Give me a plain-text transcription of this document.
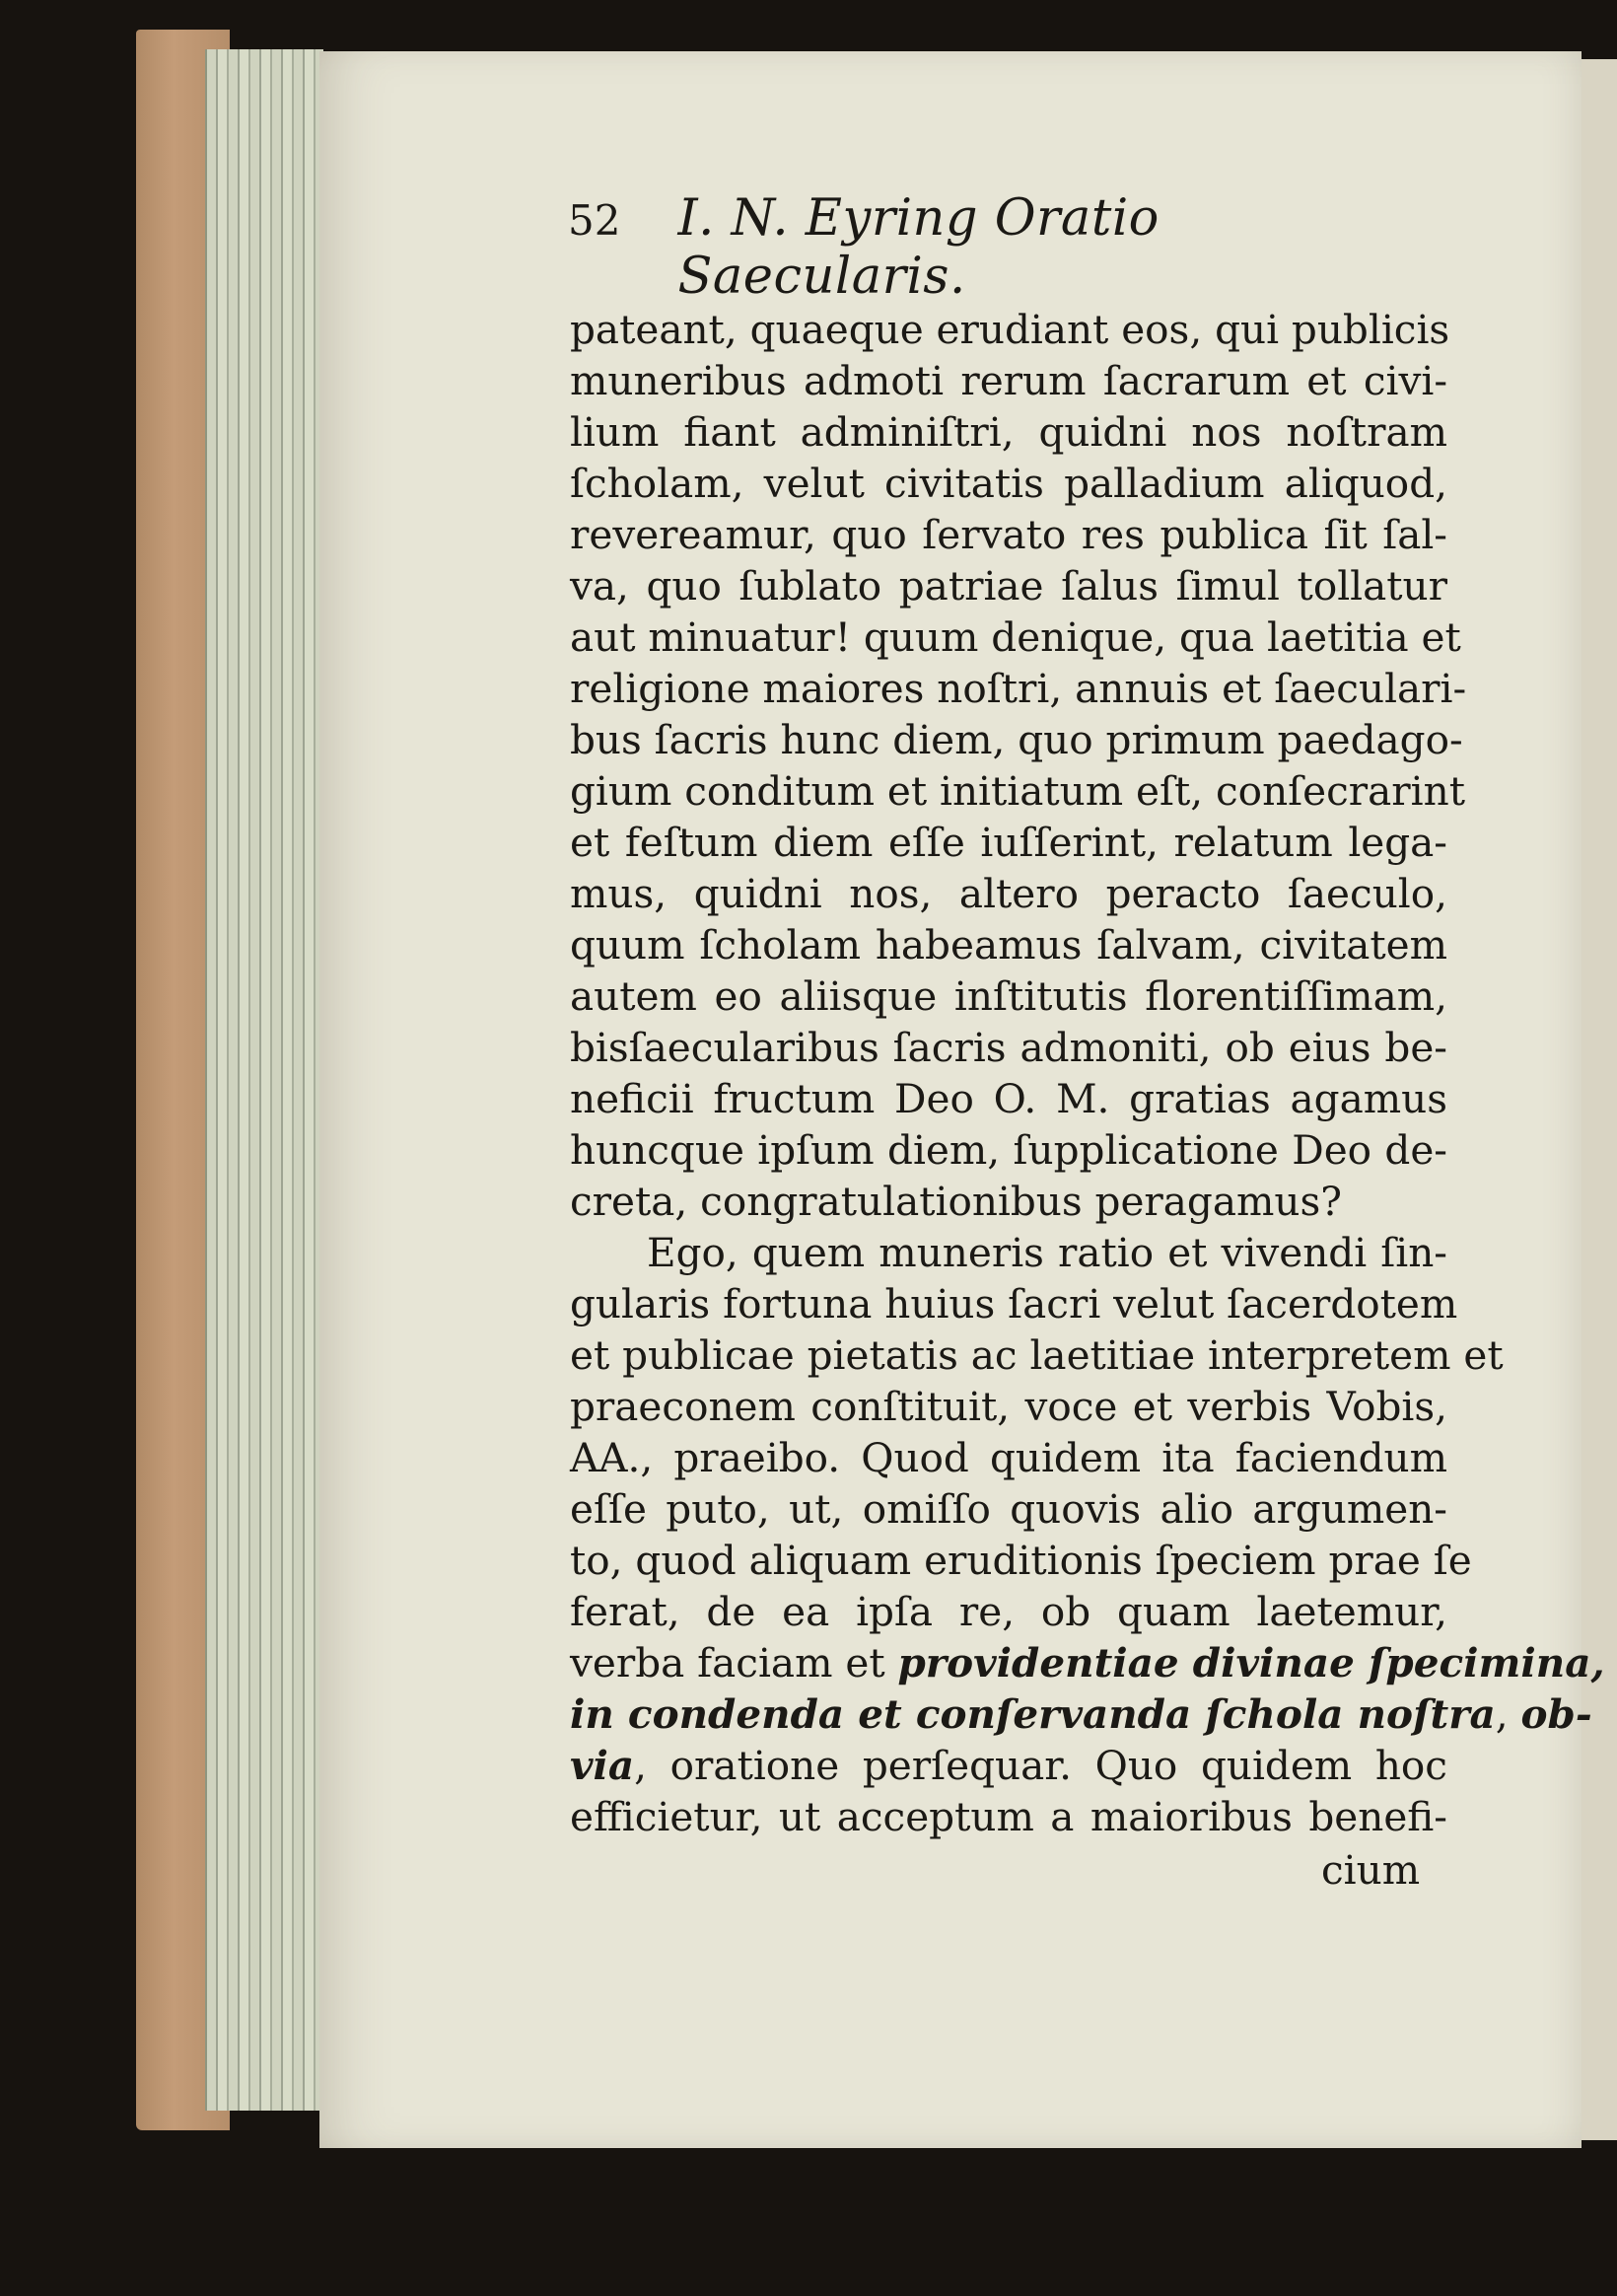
52 I. N. Eyring Oratio Saecularis.
pateant, quaeque erudiant eos, qui publicis
muneribus admoti rerum ſacrarum et civi-
lium fiant adminiſtri, quidni nos noſtram
ſcholam, velut civitatis palladium aliquod,
revereamur, quo ſervato res publica ſit ſal-
va, quo ſublato patriae ſalus ſimul tollatur
aut minuatur! quum denique, qua laetitia et
religione maiores noſtri, annuis et ſaeculari-
bus ſacris hunc diem, quo primum paedago-
gium conditum et initiatum eſt, conſecrarint
et feſtum diem eſſe iuſſerint, relatum lega-
mus, quidni nos, altero peracto ſaeculo,
quum ſcholam habeamus ſalvam, civitatem
autem eo aliisque inſtitutis florentiſſimam,
bisſaecularibus ſacris admoniti, ob eius be-
neficii fructum Deo O. M. gratias agamus
huncque ipſum diem, ſupplicatione Deo de-
creta, congratulationibus peragamus?
Ego, quem muneris ratio et vivendi ſin-
gularis fortuna huius ſacri velut ſacerdotem
et publicae pietatis ac laetitiae interpretem et
praeconem conſtituit, voce et verbis Vobis,
AA., praeibo. Quod quidem ita faciendum
eſſe puto, ut, omiſſo quovis alio argumen-
to, quod aliquam eruditionis ſpeciem prae ſe
ferat, de ea ipſa re, ob quam laetemur,
verba faciam et providentiae divinae ſpecimina,
in condenda et conſervanda ſchola noſtra, ob-
via, oratione perſequar. Quo quidem hoc
efficietur, ut acceptum a maioribus benefi-
cium
